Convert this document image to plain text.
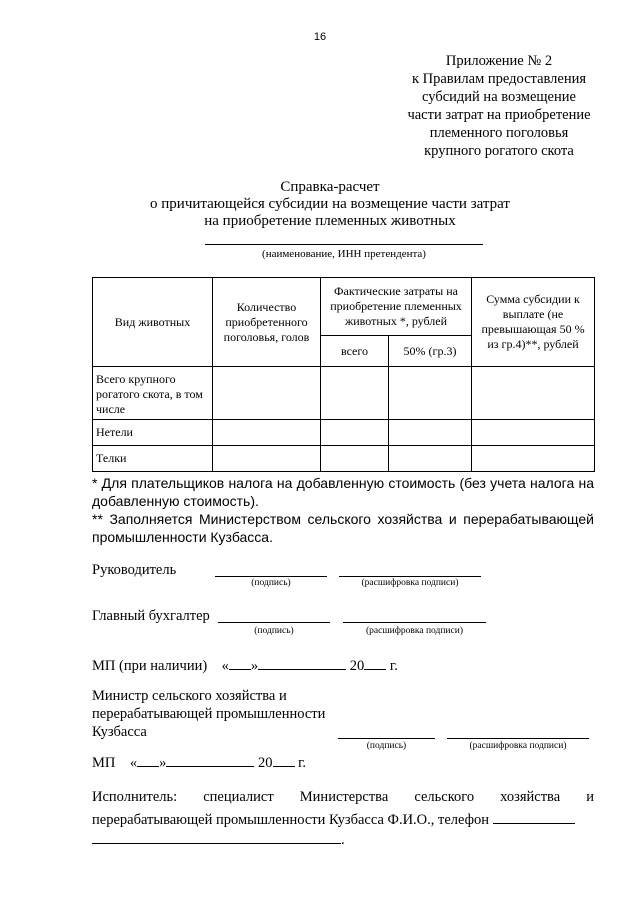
16
Приложение № 2
к Правилам предоставления
субсидий на возмещение
части затрат на приобретение
племенного поголовья
крупного рогатого скота
Справка-расчет
о причитающейся субсидии на возмещение части затрат
на приобретение племенных животных
(наименование, ИНН претендента)
Вид животных	Количество приобретенного поголовья, голов	Фактические затраты на приобретение племенных животных *, рублей		Сумма субсидии к выплате (не превышающая 50 % из гр.4)**, рублей
		всего	50% (гр.3)	
Всего крупного рогатого скота, в том числе				
Нетели				
Телки				
* Для плательщиков налога на добавленную стоимость (без учета налога на добавленную стоимость).
** Заполняется Министерством сельского хозяйства и перерабатывающей промышленности Кузбасса.
Руководитель
(подпись)	(расшифровка подписи)
Главный бухгалтер
(подпись)	(расшифровка подписи)
МП (при наличии) « »	20 г.
Министр сельского хозяйства и
перерабатывающей промышленности
Кузбасса
(подпись)	(расшифровка подписи)
МП « »	20 г.
Исполнитель: специалист Министерства сельского хозяйства и
перерабатывающей промышленности Кузбасса Ф.И.О., телефон
.
